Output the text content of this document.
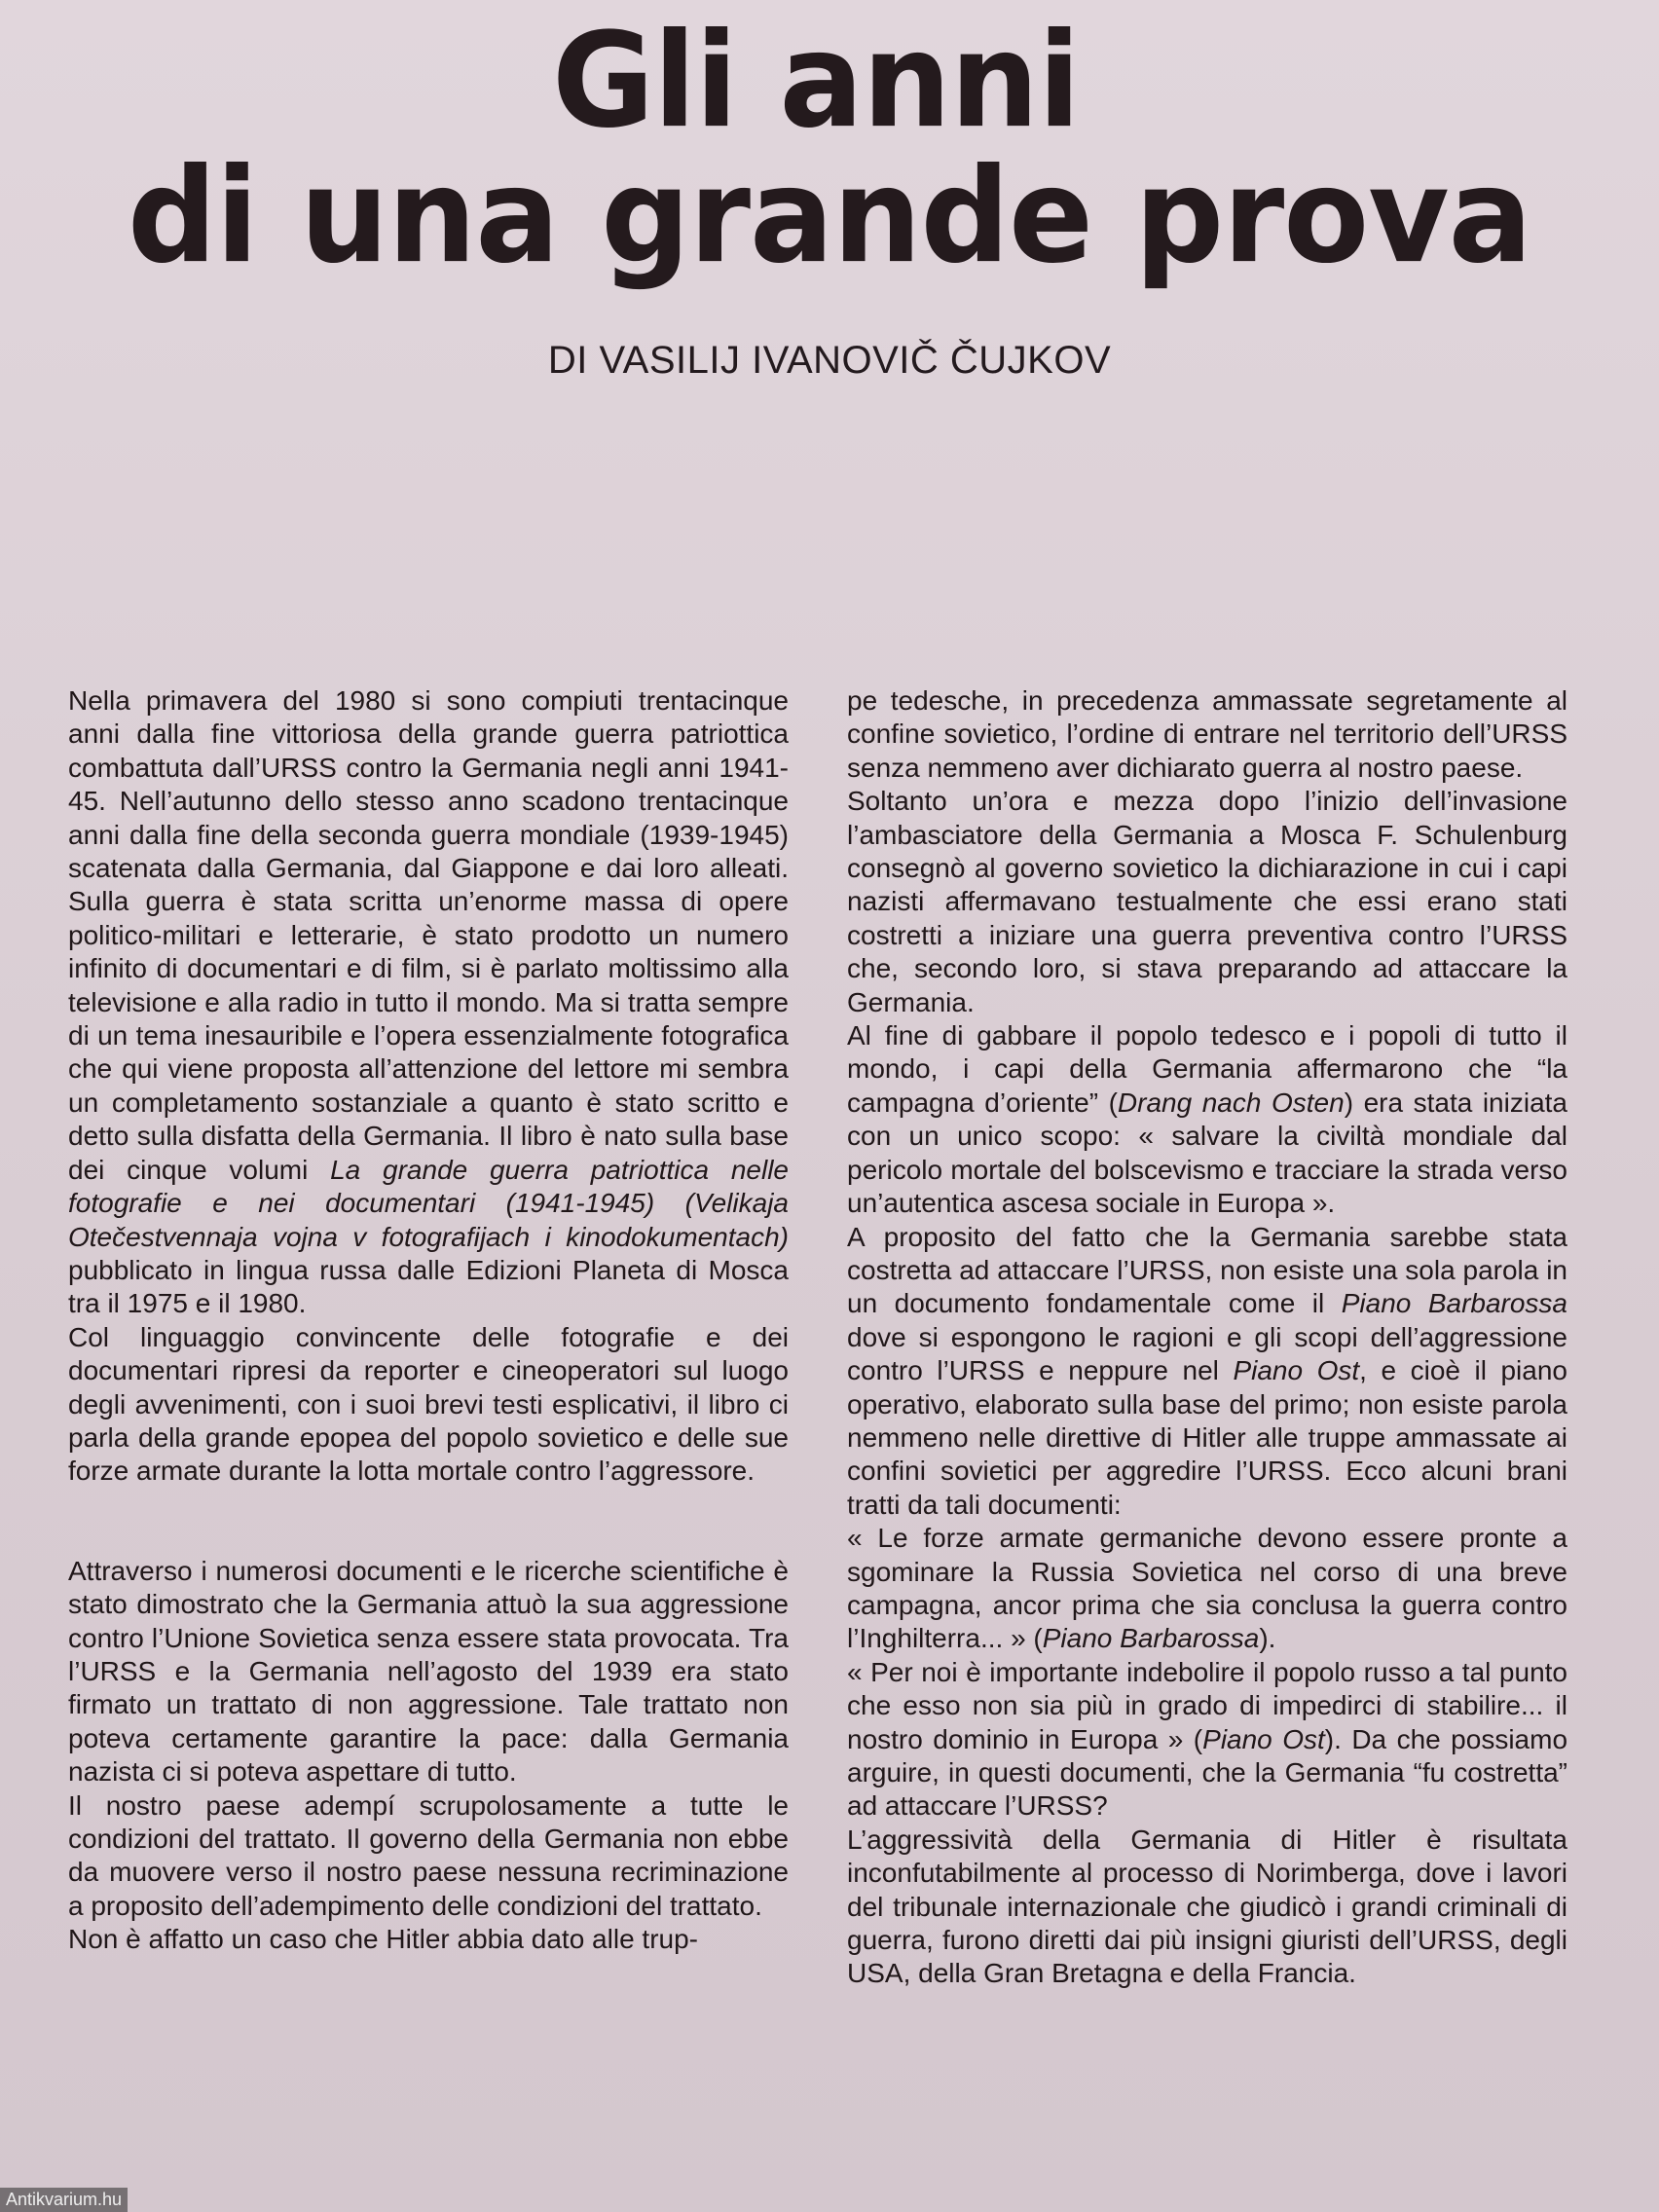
Gli anni
di una grande prova
DI VASILIJ IVANOVIČ ČUJKOV

Nella primavera del 1980 si sono compiuti trentacinque anni dalla fine vittoriosa della grande guerra patriottica combattuta dall’URSS contro la Germania negli anni 1941-45. Nell’autunno dello stesso anno scadono trentacinque anni dalla fine della seconda guerra mondiale (1939-1945) scatenata dalla Germania, dal Giappone e dai loro alleati. Sulla guerra è stata scritta un’enorme massa di opere politico-militari e letterarie, è stato prodotto un numero infinito di documentari e di film, si è parlato moltissimo alla televisione e alla radio in tutto il mondo. Ma si tratta sempre di un tema inesauribile e l’opera essenzialmente fotografica che qui viene proposta all’attenzione del lettore mi sembra un completamento sostanziale a quanto è stato scritto e detto sulla disfatta della Germania. Il libro è nato sulla base dei cinque volumi La grande guerra patriottica nelle fotografie e nei documentari (1941-1945) (Velikaja Otečestvennaja vojna v fotografijach i kinodokumentach) pubblicato in lingua russa dalle Edizioni Planeta di Mosca tra il 1975 e il 1980.

Col linguaggio convincente delle fotografie e dei documentari ripresi da reporter e cineoperatori sul luogo degli avvenimenti, con i suoi brevi testi esplicativi, il libro ci parla della grande epopea del popolo sovietico e delle sue forze armate durante la lotta mortale contro l’aggressore.

Attraverso i numerosi documenti e le ricerche scientifiche è stato dimostrato che la Germania attuò la sua aggressione contro l’Unione Sovietica senza essere stata provocata. Tra l’URSS e la Germania nell’agosto del 1939 era stato firmato un trattato di non aggressione. Tale trattato non poteva certamente garantire la pace: dalla Germania nazista ci si poteva aspettare di tutto.

Il nostro paese adempí scrupolosamente a tutte le condizioni del trattato. Il governo della Germania non ebbe da muovere verso il nostro paese nessuna recriminazione a proposito dell’adempimento delle condizioni del trattato.

Non è affatto un caso che Hitler abbia dato alle trup-

pe tedesche, in precedenza ammassate segretamente al confine sovietico, l’ordine di entrare nel territorio dell’URSS senza nemmeno aver dichiarato guerra al nostro paese.

Soltanto un’ora e mezza dopo l’inizio dell’invasione l’ambasciatore della Germania a Mosca F. Schulenburg consegnò al governo sovietico la dichiarazione in cui i capi nazisti affermavano testualmente che essi erano stati costretti a iniziare una guerra preventiva contro l’URSS che, secondo loro, si stava preparando ad attaccare la Germania.

Al fine di gabbare il popolo tedesco e i popoli di tutto il mondo, i capi della Germania affermarono che “la campagna d’oriente” (Drang nach Osten) era stata iniziata con un unico scopo: « salvare la civiltà mondiale dal pericolo mortale del bolscevismo e tracciare la strada verso un’autentica ascesa sociale in Europa ».

A proposito del fatto che la Germania sarebbe stata costretta ad attaccare l’URSS, non esiste una sola parola in un documento fondamentale come il Piano Barbarossa dove si espongono le ragioni e gli scopi dell’aggressione contro l’URSS e neppure nel Piano Ost, e cioè il piano operativo, elaborato sulla base del primo; non esiste parola nemmeno nelle direttive di Hitler alle truppe ammassate ai confini sovietici per aggredire l’URSS. Ecco alcuni brani tratti da tali documenti:

« Le forze armate germaniche devono essere pronte a sgominare la Russia Sovietica nel corso di una breve campagna, ancor prima che sia conclusa la guerra contro l’Inghilterra... » (Piano Barbarossa).

« Per noi è importante indebolire il popolo russo a tal punto che esso non sia più in grado di impedirci di stabilire... il nostro dominio in Europa » (Piano Ost). Da che possiamo arguire, in questi documenti, che la Germania “fu costretta” ad attaccare l’URSS?

L’aggressività della Germania di Hitler è risultata inconfutabilmente al processo di Norimberga, dove i lavori del tribunale internazionale che giudicò i grandi criminali di guerra, furono diretti dai più insigni giuristi dell’URSS, degli USA, della Gran Bretagna e della Francia.

Antikvarium.hu
